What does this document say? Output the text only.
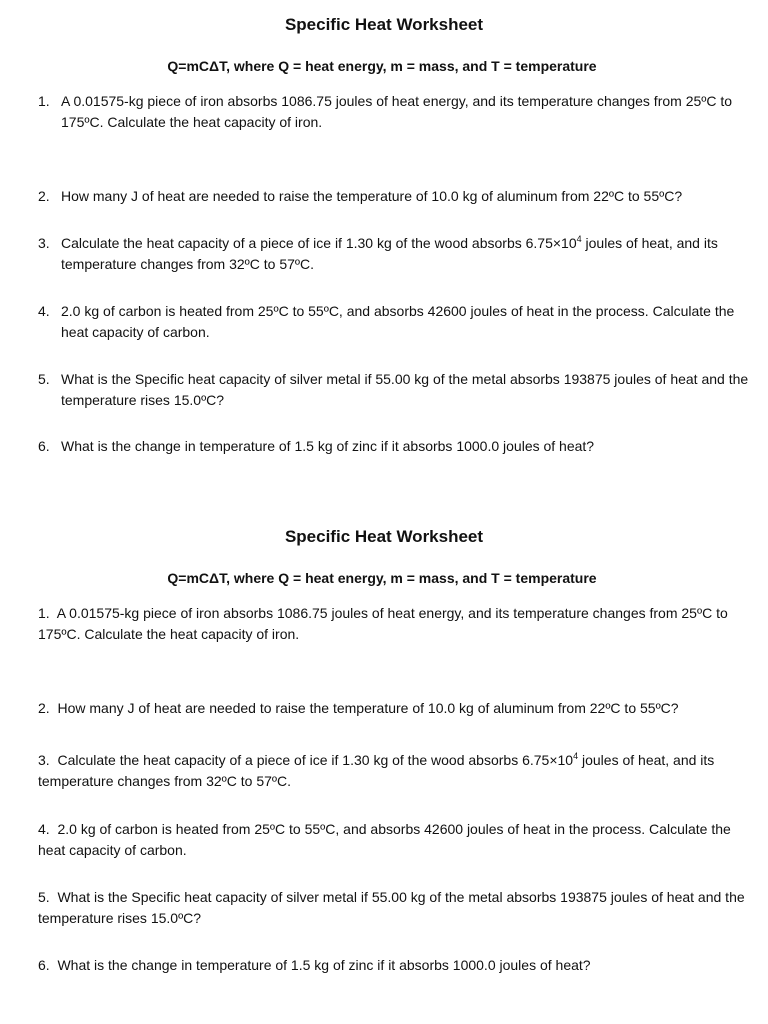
Specific Heat Worksheet
Q=mCΔT, where Q = heat energy, m = mass, and T = temperature
1. A 0.01575-kg piece of iron absorbs 1086.75 joules of heat energy, and its temperature changes from 25ºC to 175ºC. Calculate the heat capacity of iron.
2. How many J of heat are needed to raise the temperature of 10.0 kg of aluminum from 22ºC to 55ºC?
3. Calculate the heat capacity of a piece of ice if 1.30 kg of the wood absorbs $6.75\times 10^4$ joules of heat, and its temperature changes from 32ºC to 57ºC.
4. 2.0 kg of carbon is heated from 25ºC to 55ºC, and absorbs 42600 joules of heat in the process. Calculate the heat capacity of carbon.
5. What is the Specific heat capacity of silver metal if 55.00 kg of the metal absorbs 193875 joules of heat and the temperature rises 15.0ºC?
6. What is the change in temperature of 1.5 kg of zinc if it absorbs 1000.0 joules of heat?
Specific Heat Worksheet
Q=mCΔT, where Q = heat energy, m = mass, and T = temperature
1. A 0.01575-kg piece of iron absorbs 1086.75 joules of heat energy, and its temperature changes from 25ºC to 175ºC. Calculate the heat capacity of iron.
2. How many J of heat are needed to raise the temperature of 10.0 kg of aluminum from 22ºC to 55ºC?
3. Calculate the heat capacity of a piece of ice if 1.30 kg of the wood absorbs $6.75\times 10^4$ joules of heat, and its temperature changes from 32ºC to 57ºC.
4. 2.0 kg of carbon is heated from 25ºC to 55ºC, and absorbs 42600 joules of heat in the process. Calculate the heat capacity of carbon.
5. What is the Specific heat capacity of silver metal if 55.00 kg of the metal absorbs 193875 joules of heat and the temperature rises 15.0ºC?
6. What is the change in temperature of 1.5 kg of zinc if it absorbs 1000.0 joules of heat?
